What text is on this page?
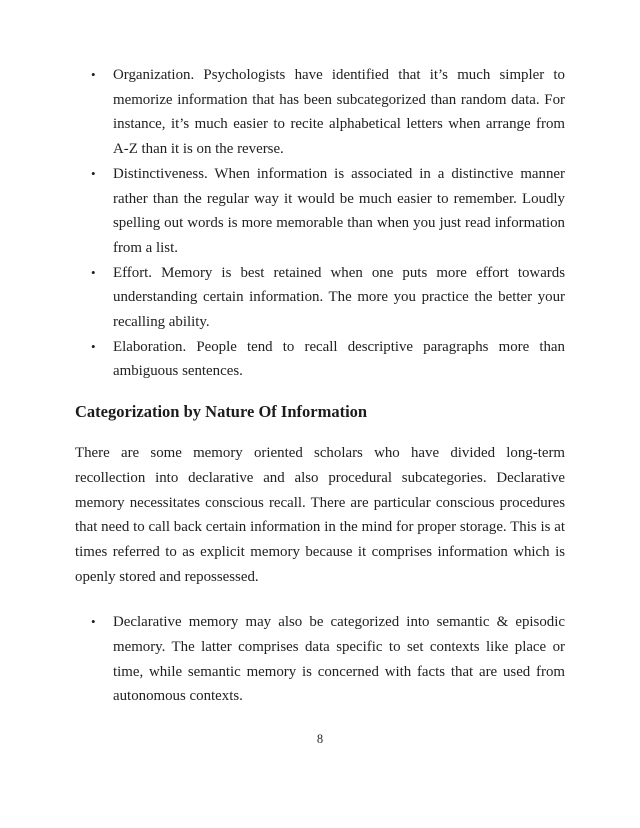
• Organization. Psychologists have identified that it’s much simpler to memorize information that has been subcategorized than random data. For instance, it’s much easier to recite alphabetical letters when arrange from A-Z than it is on the reverse.
• Distinctiveness. When information is associated in a distinctive manner rather than the regular way it would be much easier to remember. Loudly spelling out words is more memorable than when you just read information from a list.
• Effort. Memory is best retained when one puts more effort towards understanding certain information. The more you practice the better your recalling ability.
• Elaboration. People tend to recall descriptive paragraphs more than ambiguous sentences.
Categorization by Nature Of Information

There are some memory oriented scholars who have divided long-term recollection into declarative and also procedural subcategories. Declarative memory necessitates conscious recall. There are particular conscious procedures that need to call back certain information in the mind for proper storage. This is at times referred to as explicit memory because it comprises information which is openly stored and repossessed.

• Declarative memory may also be categorized into semantic & episodic memory. The latter comprises data specific to set contexts like place or time, while semantic memory is concerned with facts that are used from autonomous contexts.
8
